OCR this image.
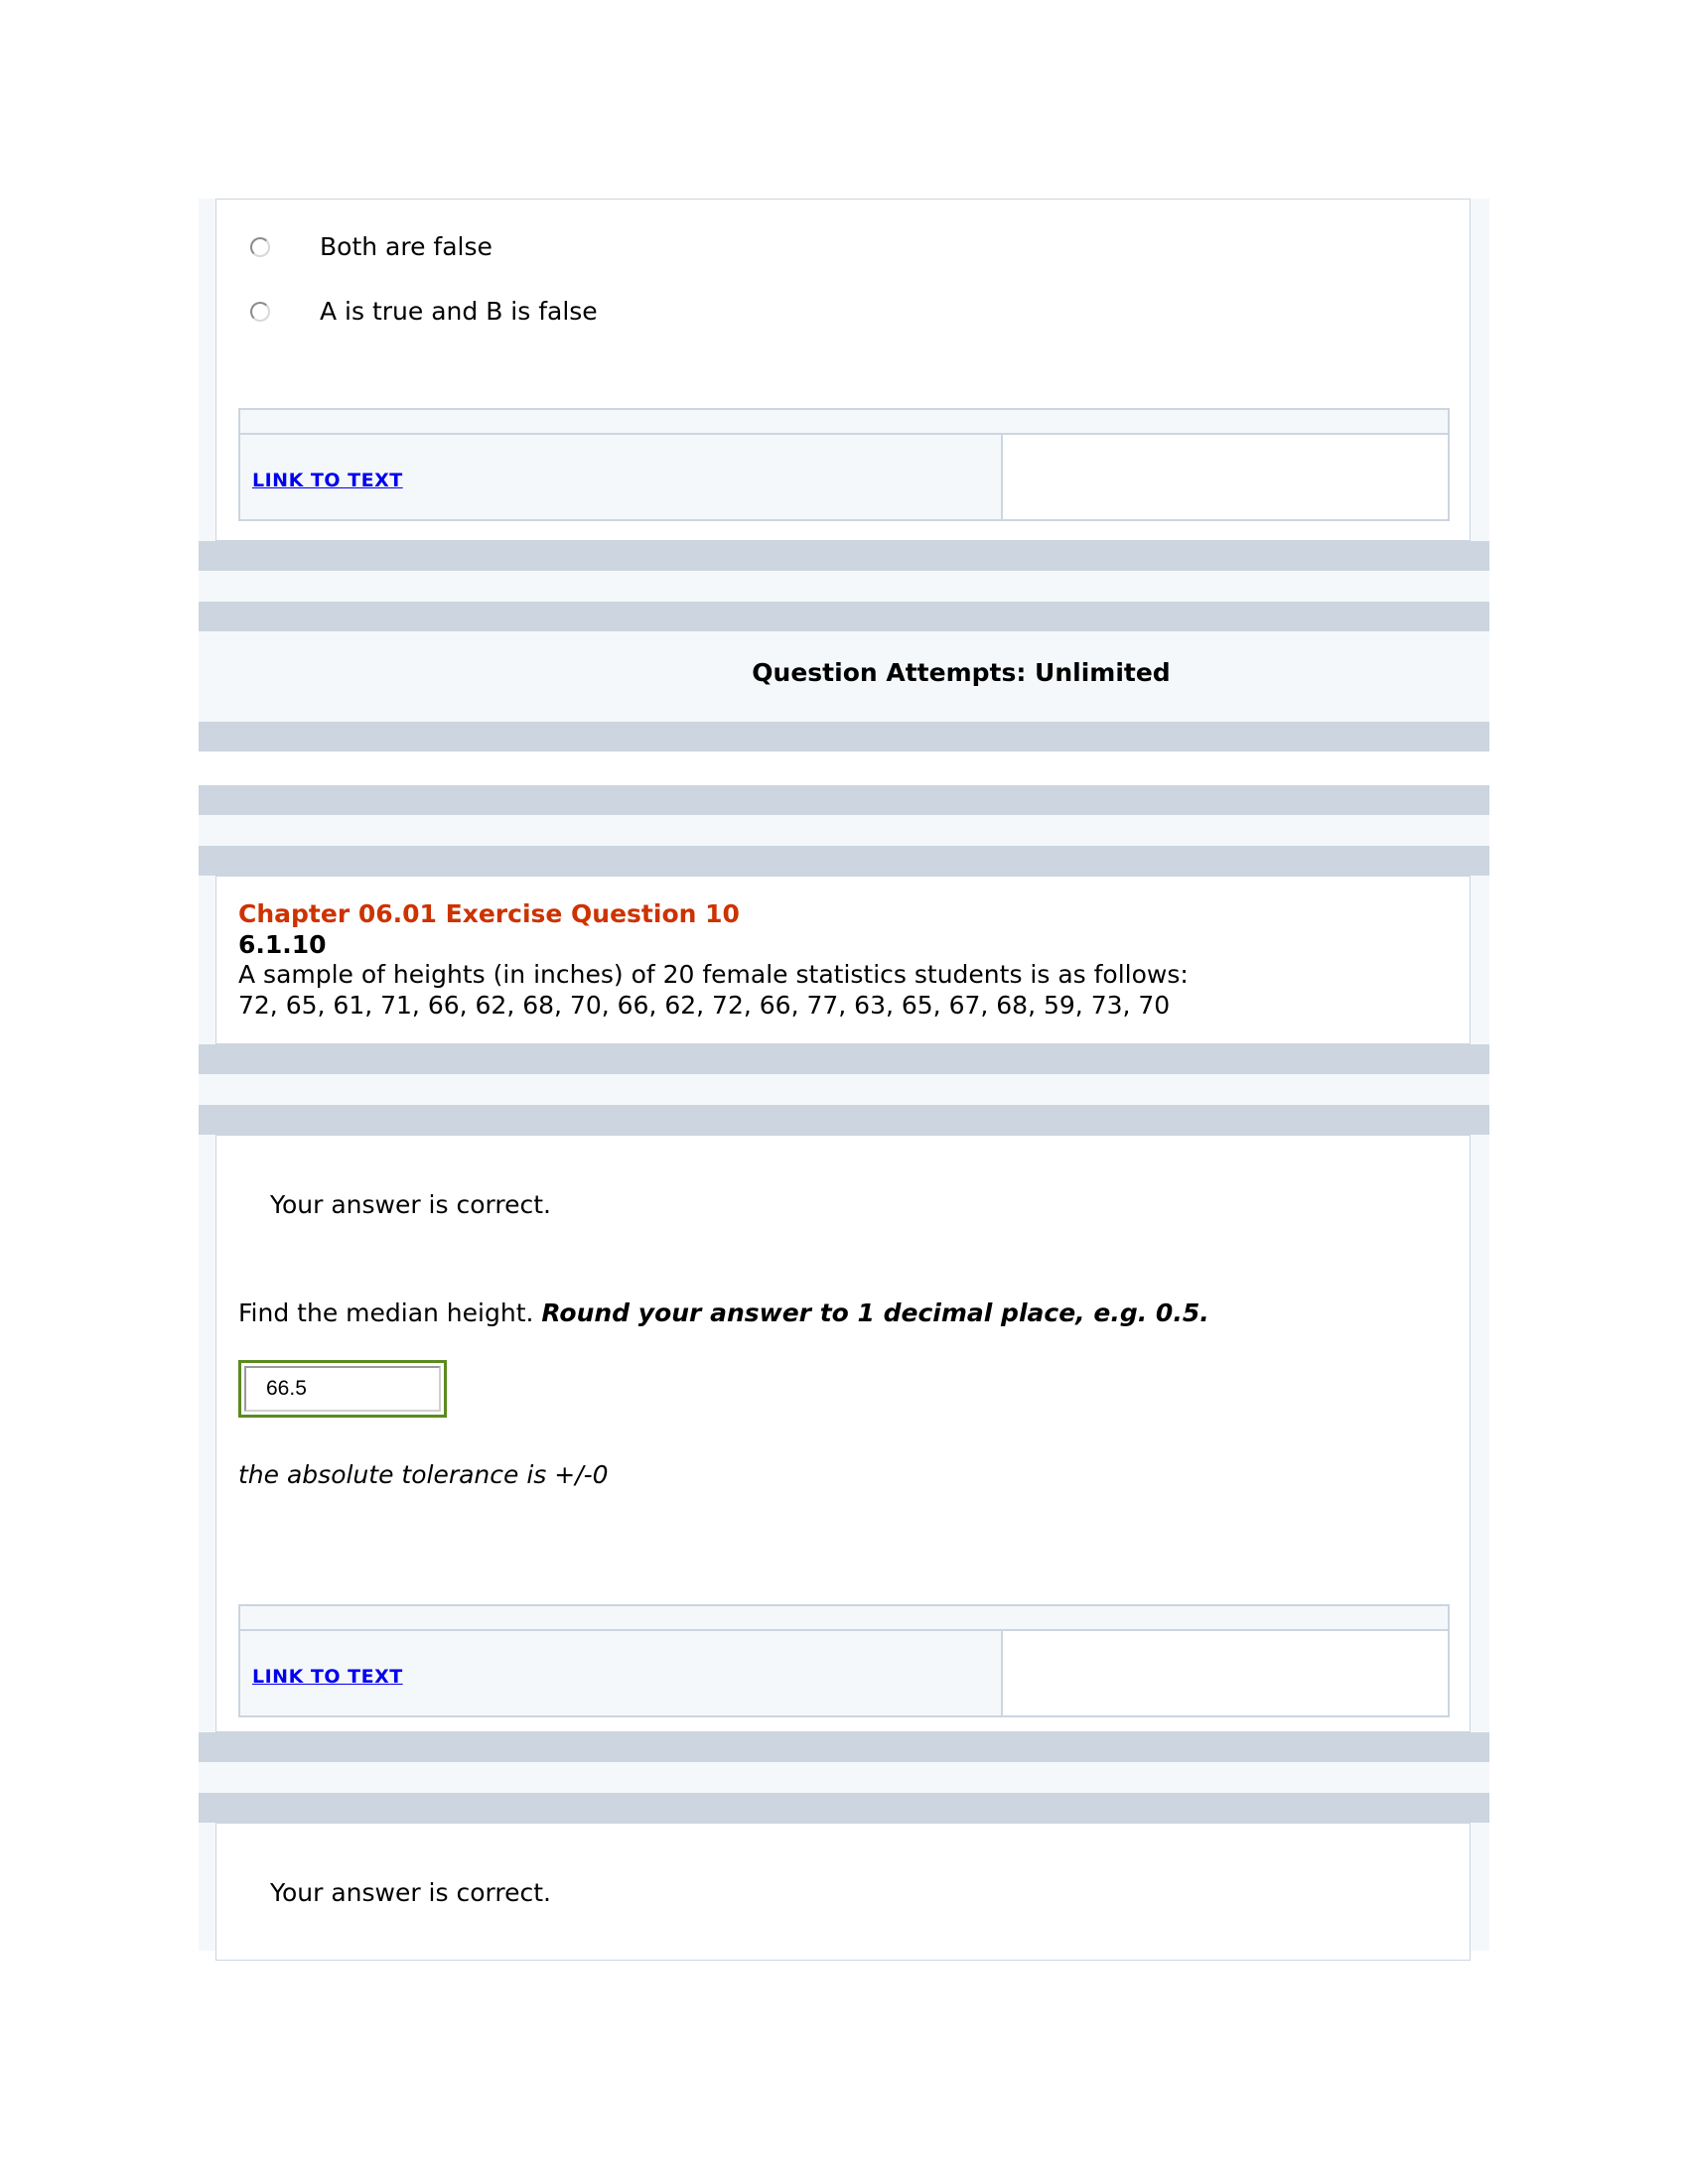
Both are false
A is true and B is false
LINK TO TEXT
Question Attempts: Unlimited
Chapter 06.01 Exercise Question 10
6.1.10
A sample of heights (in inches) of 20 female statistics students is as follows:
72, 65, 61, 71, 66, 62, 68, 70, 66, 62, 72, 66, 77, 63, 65, 67, 68, 59, 73, 70
Your answer is correct.
Find the median height. Round your answer to 1 decimal place, e.g. 0.5.
66.5
the absolute tolerance is +/-0
LINK TO TEXT
Your answer is correct.
